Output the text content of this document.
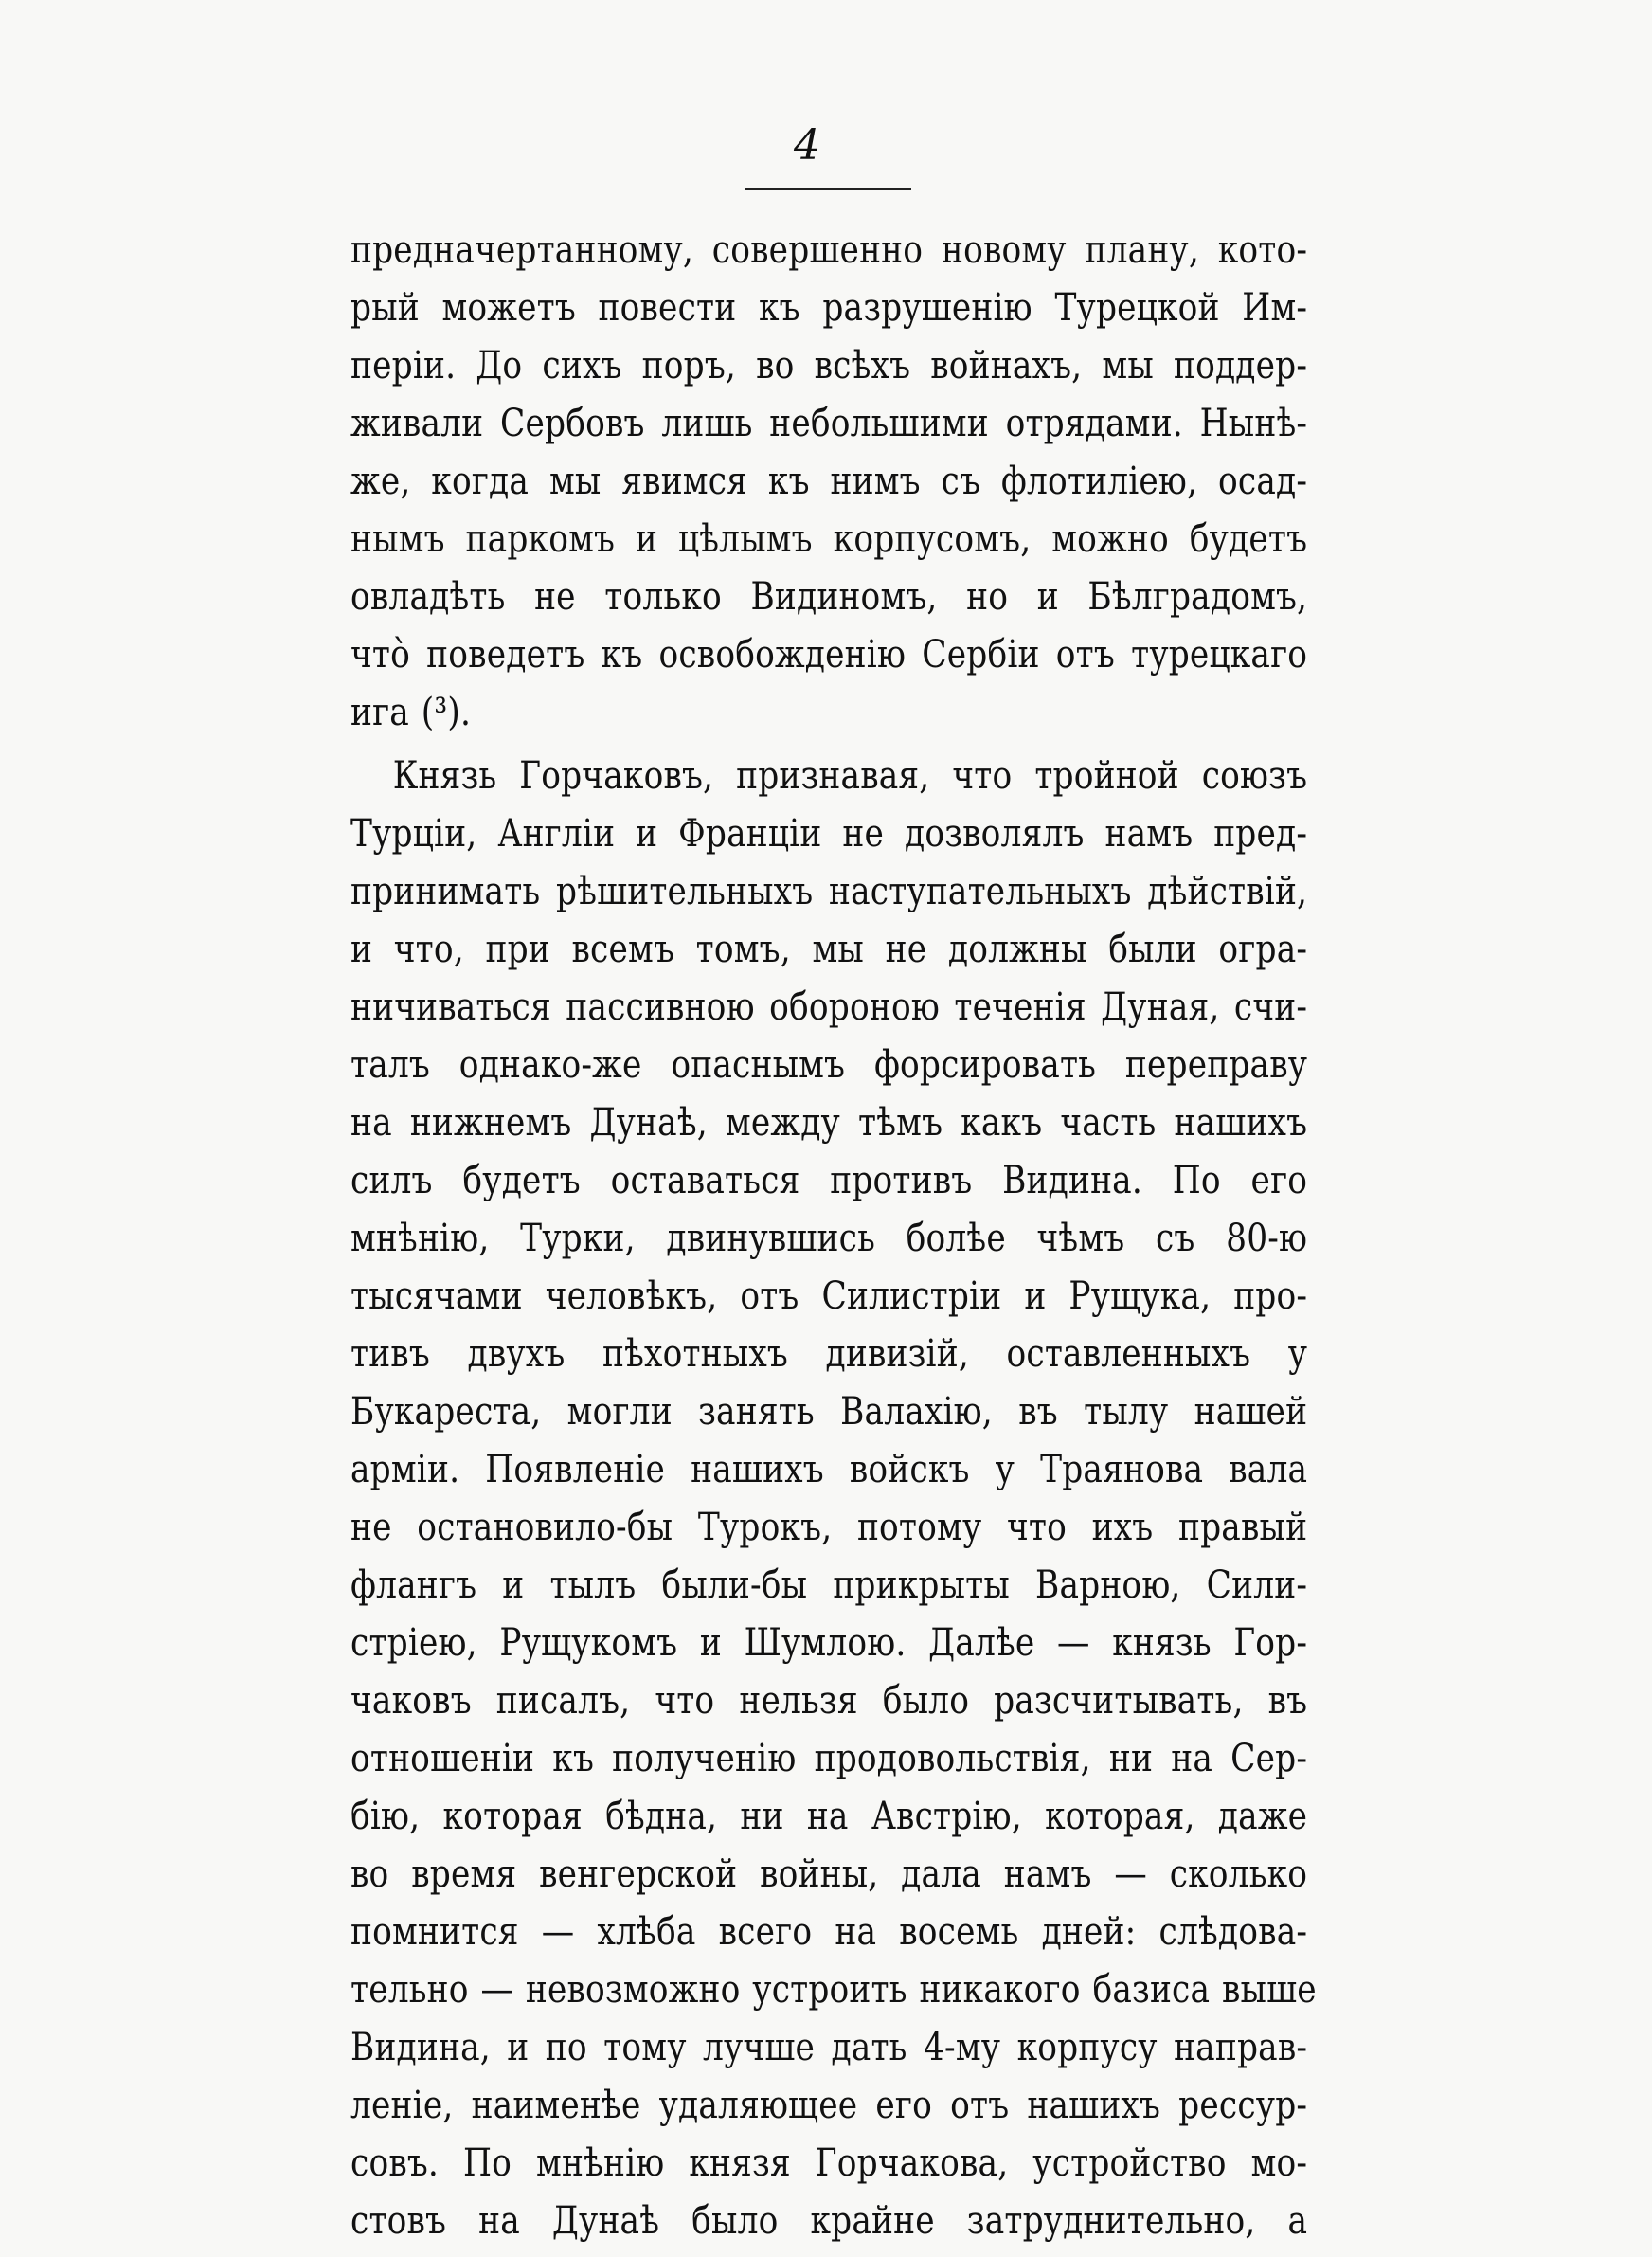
4
предначертанному, совершенно новому плану, кото-
рый можетъ повести къ разрушенію Турецкой Им-
періи. До сихъ поръ, во всѣхъ войнахъ, мы поддер-
живали Сербовъ лишь небольшими отрядами. Нынѣ-
же, когда мы явимся къ нимъ съ флотиліею, осад-
нымъ паркомъ и цѣлымъ корпусомъ, можно будетъ
овладѣть не только Видиномъ, но и Бѣлградомъ,
что̀ поведетъ къ освобожденію Сербіи отъ турецкаго
ига (³).
Князь Горчаковъ, признавая, что тройной союзъ
Турціи, Англіи и Франціи не дозволялъ намъ пред-
принимать рѣшительныхъ наступательныхъ дѣйствій,
и что, при всемъ томъ, мы не должны были огра-
ничиваться пассивною обороною теченія Дуная, счи-
талъ однако-же опаснымъ форсировать переправу
на нижнемъ Дунаѣ, между тѣмъ какъ часть нашихъ
силъ будетъ оставаться противъ Видина. По его
мнѣнію, Турки, двинувшись болѣе чѣмъ съ 80-ю
тысячами человѣкъ, отъ Силистріи и Рущука, про-
тивъ двухъ пѣхотныхъ дивизій, оставленныхъ у
Букареста, могли занять Валахію, въ тылу нашей
арміи. Появленіе нашихъ войскъ у Траянова вала
не остановило-бы Турокъ, потому что ихъ правый
флангъ и тылъ были-бы прикрыты Варною, Сили-
стріею, Рущукомъ и Шумлою. Далѣе — князь Гор-
чаковъ писалъ, что нельзя было разсчитывать, въ
отношеніи къ полученію продовольствія, ни на Сер-
бію, которая бѣдна, ни на Австрію, которая, даже
во время венгерской войны, дала намъ — сколько
помнится — хлѣба всего на восемь дней: слѣдова-
тельно — невозможно устроить никакого базиса выше
Видина, и по тому лучше дать 4-му корпусу направ-
леніе, наименѣе удаляющее его отъ нашихъ рессур-
совъ. По мнѣнію князя Горчакова, устройство мо-
стовъ на Дунаѣ было крайне затруднительно, а
